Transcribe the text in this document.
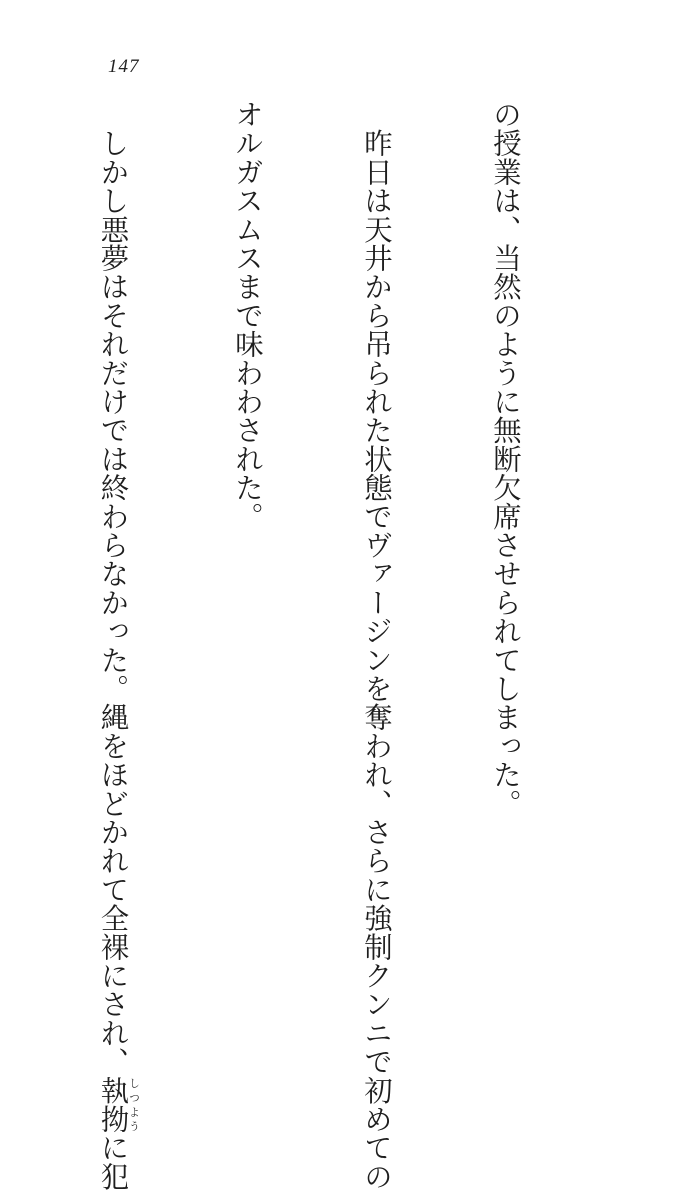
147

の授業は、当然のように無断欠席させられてしまった。

　昨日は天井から吊られた状態でヴァージンを奪われ、さらに強制クンニで初めての

オルガスムスまで味わわされた。

　しかし悪夢はそれだけでは終わらなかった。縄をほどかれて全裸にされ、執拗しつように犯
